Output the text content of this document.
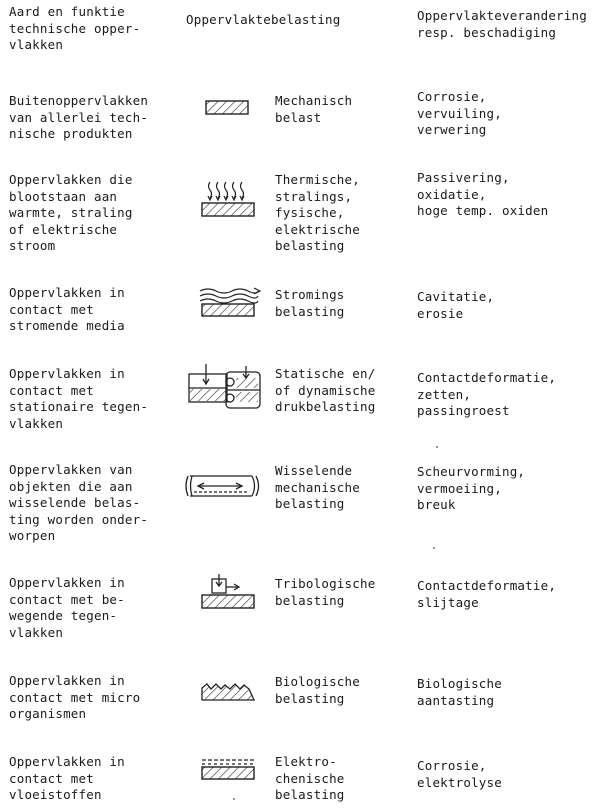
Aard en funktie
technische opper-
vlakken
Oppervlaktebelasting	Oppervlakteverandering
resp. beschadiging
Buitenoppervlakken
van allerlei tech-
nische produkten
Mechanisch
belast
Corrosie,
vervuiling,
verwering
Oppervlakken die
blootstaan aan
warmte, straling
of elektrische
stroom
Thermische,
stralings,
fysische,
elektrische
belasting
Passivering,
oxidatie,
hoge temp. oxiden
Oppervlakken in
contact met
stromende media
Stromings
belasting
Cavitatie,
erosie
Oppervlakken in
contact met
stationaire tegen-
vlakken
Statische en/
of dynamische
drukbelasting
Contactdeformatie,
zetten,
passingroest
Oppervlakken van
objekten die aan
wisselende belas-
ting worden onder-
worpen
Wisselende
mechanische
belasting
Scheurvorming,
vermoeiing,
breuk
Oppervlakken in
contact met be-
wegende tegen-
vlakken
Tribologische
belasting
Contactdeformatie,
slijtage
Oppervlakken in
contact met micro
organismen
Biologische
belasting
Biologische
aantasting
Oppervlakken in
contact met
vloeistoffen
Elektro-
chenische
belasting
Corrosie,
elektrolyse
